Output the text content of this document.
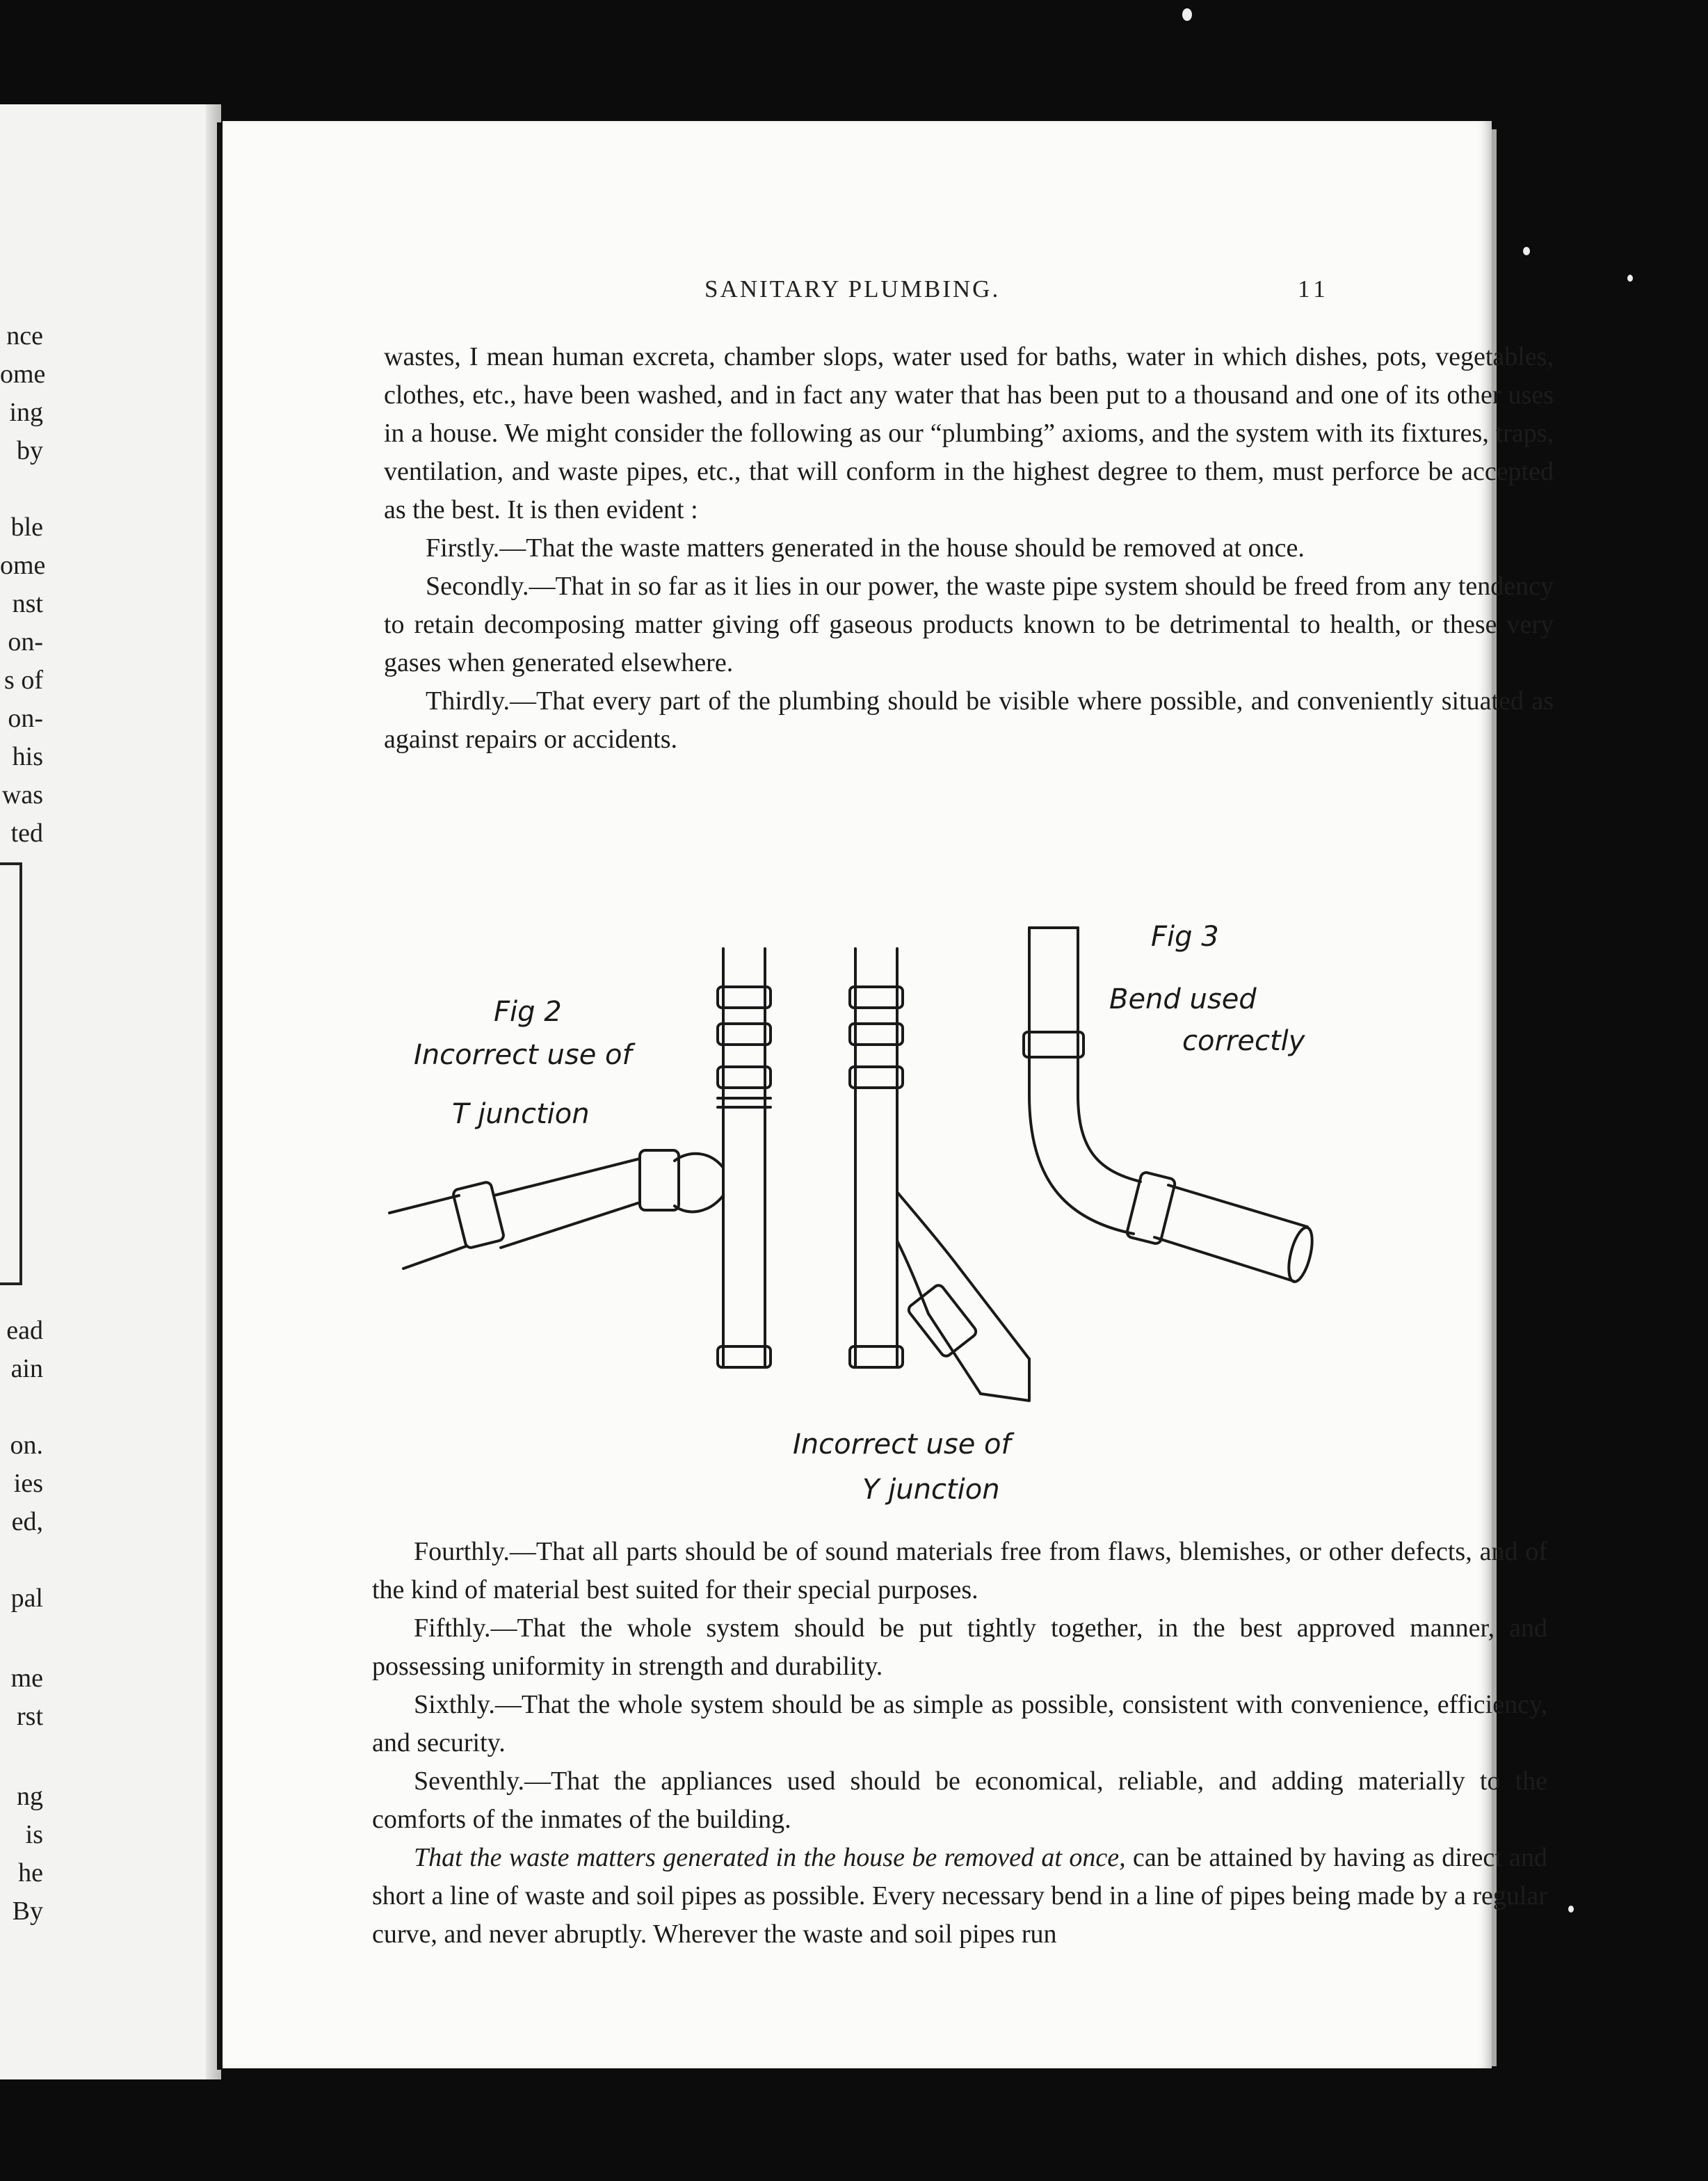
nce
ome
ing
by
ble
ome
nst
on-
s of
on-
his
was
ted
ead
ain
on.
ies
ed,
pal
me
rst
ng
is
he
By
SANITARY PLUMBING.	11

wastes, I mean human excreta, chamber slops, water used for baths, water in which dishes, pots, vegetables, clothes, etc., have been washed, and in fact any water that has been put to a thousand and one of its other uses in a house. We might consider the following as our “plumbing” axioms, and the system with its fixtures, traps, ventilation, and waste pipes, etc., that will conform in the highest degree to them, must perforce be accepted as the best. It is then evident :

Firstly.—That the waste matters generated in the house should be removed at once.

Secondly.—That in so far as it lies in our power, the waste pipe system should be freed from any tendency to retain decomposing matter giving off gaseous products known to be detrimental to health, or these very gases when generated elsewhere.

Thirdly.—That every part of the plumbing should be visible where possible, and conveniently situated as against repairs or accidents.

Fig 2
Incorrect use of
T junction
Fig 3
Bend used
correctly
Incorrect use of
Y junction

Fourthly.—That all parts should be of sound materials free from flaws, blemishes, or other defects, and of the kind of material best suited for their special purposes.

Fifthly.—That the whole system should be put tightly together, in the best approved manner, and possessing uniformity in strength and durability.

Sixthly.—That the whole system should be as simple as possible, consistent with convenience, efficiency, and security.

Seventhly.—That the appliances used should be economical, reliable, and adding materially to the comforts of the inmates of the building.

That the waste matters generated in the house be removed at once, can be attained by having as direct and short a line of waste and soil pipes as possible. Every necessary bend in a line of pipes being made by a regular curve, and never abruptly. Wherever the waste and soil pipes run
